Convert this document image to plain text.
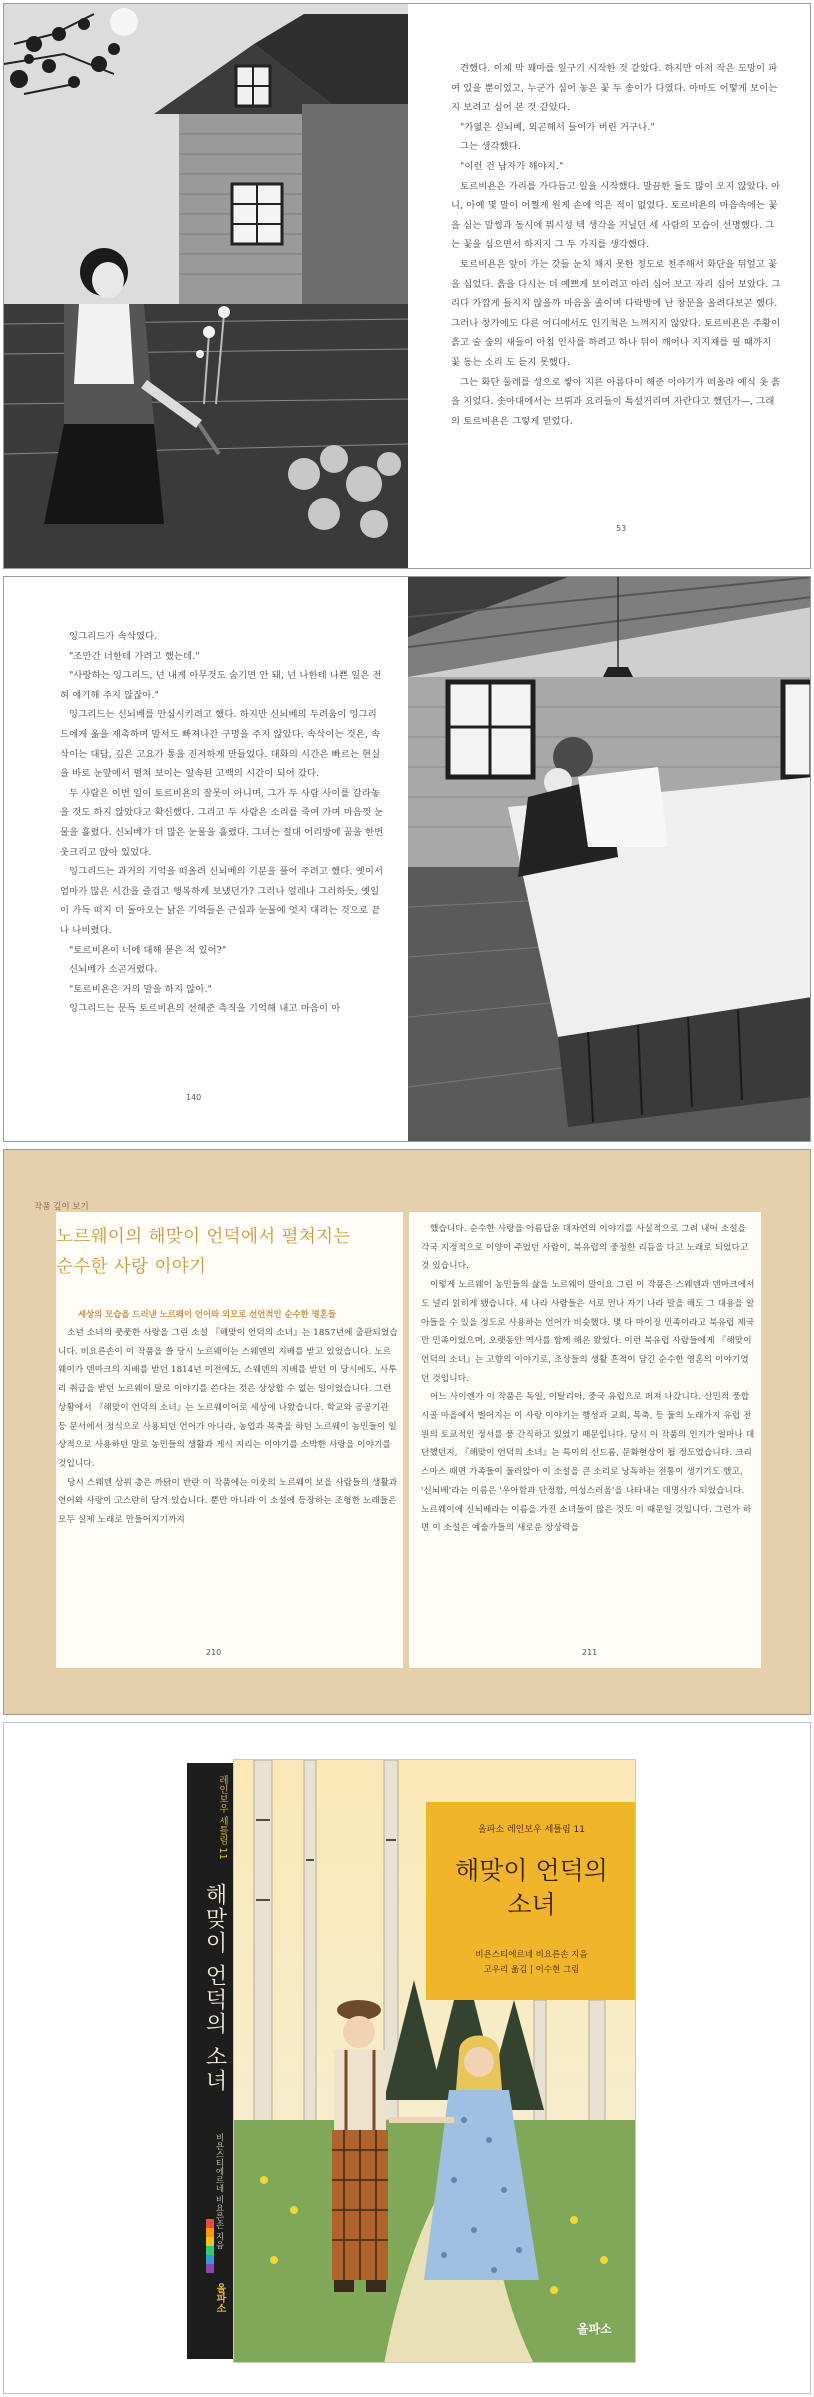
견했다. 이제 막 꽤마를 잎구기 시작한 것 같았다. 하지만 아저 작은 도망이 파여 있을 뿐이었고, 누군가 심어 놓은 꽃 두 송이가 다였다. 아마도 어떻게 보이는지 보려고 심어 본 것 같았다.

"가엾은 신뇌베, 외곤해서 들어가 버린 거구나."

그는 생각했다.

"이런 건 남자가 해야지."

토르비욘은 가리를 가다듬고 일을 시작했다. 말끔한 돌도 많이 오지 않았다. 아니, 아예 몇 말이 어쩔게 원게 손에 익은 적이 없었다. 토르비욘의 마음속에는 꽃을 심는 말썽과 동시에 뭐시성 텍 생각을 거닐던 세 사람의 모습이 선명했다. 그는 꽃을 심으면서 하지지 그 두 가지를 생각했다.

토르비욘은 앞이 가는 갓들 눈치 채지 못한 정도로 천주해서 화단을 뒤엎고 꽃을 심었다. 흙을 다시는 더 예쁘게 보이려고 아러 심어 보고 자리 심어 보았다. 그리다 가깝게 들지지 않을까 마음을 졸이며 다락방에 난 창문을 올려다보곤 했다. 그러나 창가에도 다른 어디에서도 인기척은 느껴지지 않았다. 토르비욘은 주황이 흙고 술 숲의 새들이 아침 인사를 하려고 하나 뒤이 깨어나 지지재를 필 때까지 꽃 동는 소리 도 듣지 못했다.

그는 화단 둘레를 성으로 쌓아 지른 아름다이 해준 이야기가 떠올라 예식 옷 흙을 지었다. 솟아대에서는 브뤼과 요리들이 특설거리며 자란다고 했던가—, 그래의 토르비욘은 그렇게 믿었다.

53

잉그리드가 속삭였다.

"조만간 너한테 가려고 했는데."

"사랑하는 잉그리드, 넌 내게 아무것도 숨기면 안 돼, 넌 나한테 나쁜 일은 전혀 얘기해 주지 않잖아."

잉그리드는 신뇌베를 안심시키려고 했다. 하지만 신뇌베의 두려움이 잉그리드에게 옮을 재촉하며 말서도 빠져나간 구멍을 주지 않았다. 속삭이는 것은, 속삭이는 대답, 깊은 고요가 통을 진저하게 만들었다. 대화의 시간은 빠르는 현실을 바로 눈앞에서 펼쳐 보이는 일속된 고백의 시간이 되어 갔다.

두 사람은 이번 일이 토르비욘의 잘못이 아니며, 그가 두 사람 사이를 갈라놓을 것도 하지 않았다고 확신했다. 그리고 두 사람은 소리를 죽여 가며 마음껏 눈물을 흘렸다. 신뇌베가 더 많은 눈물을 흘렸다. 그녀는 절대 어리방에 꿈을 한번 웃크리고 앉아 있었다.

잉그리드는 과거의 기억을 떠올려 신뇌베의 기분을 풀어 주려고 했다. 옛이서 엄마가 많은 시간을 즐겁고 행복하게 보냈던가? 그러나 얼레나 그러하듯, 옛일이 가득 떠지 더 돌아오는 낡은 기억들은 근심과 눈물에 엇지 대리는 것으로 끝나 나비렸다.

"토르비욘이 너에 대해 묻은 적 있어?"

신뇌베가 소곤거렸다.

"토르비욘은 거의 말을 하지 않아."

잉그리드는 문득 토르비욘의 선해준 측직을 기억해 내고 마음이 아

140
작품 깊이 보기
노르웨이의 해맞이 언덕에서 펼쳐지는
순수한 사랑 이야기
세상의 모습을 드러낸 노르웨이 언어와 외모로 선언적인 순수한 명혼들

소년 소녀의 풋풋한 사랑을 그린 소설 『해맞이 언덕의 소녀』는 1857년에 출판되었습니다. 비요른손이 이 작품을 쓸 당시 노르웨이는 스웨덴의 지배를 받고 있었습니다. 노르웨이가 덴마크의 지배를 받던 1814년 이전에도, 스웨덴의 지배를 받던 이 당시에도, 사투리 취급을 받던 노르웨이 말로 이야기를 쓴다는 것은 상상할 수 없는 일이었습니다. 그런 상황에서 『해맞이 언덕의 소녀』는 노르웨이어로 세상에 나왔습니다. 학교와 공공기관 등 문서에서 정식으로 사용되던 언어가 아니라, 농업과 목축을 하던 노르웨이 농민들이 일상적으로 사용하던 말로 농민들의 생활과 게시 지리는 이야기를 소박한 사랑을 이야기를 것입니다.

당시 스웨덴 상위 층은 까닭이 반란 이 작품에는 이웃의 노르웨이 보을 사람들의 생활과 언어와 사랑이 고스란히 담겨 있습니다. 뿐만 아니라 이 소설에 등장하는 조형한 노래들은 모두 실제 노래로 만들어지기까지

210

했습니다. 순수한 사랑을 아름답운 대자연의 이야기를 사실적으로 그려 내어 소설을 각국 지정적으로 이양이 주었던 사람이, 북유럽의 중정한 리듬을 다고 노래로 되었다고 것 있습니다.

이렇게 노르웨이 농민들의 삶을 노르웨이 말이요 그린 이 작품은 스웨덴과 덴마크에서도 널리 읽히게 됐습니다. 세 나라 사람들은 서로 먼나 자기 나라 말을 해도 그 대용을 알아들을 수 있을 정도로 사용하는 언어가 비슷했다. 몇 다 마이징 민족이라고 북유럽 제국만 민족이었으며, 오랫동안 역사를 함께 해온 왔었다. 이런 북유럽 사람들에게 『해맞이 언덕의 소녀』는 고향의 이야기로, 조상들의 생활 흔적이 담긴 순수한 영혼의 이야기였던 것입니다.

어느 사이엔가 이 작품은 독일, 이탈리아, 중국 유럽으로 퍼져 나갔니다. 산민적 풍합 시골 마을에서 벌어지는 이 사랑 이야기는 행성과 교회, 목축, 등 둘의 노래가지 유럽 전원의 토쿄적인 정서를 풍 간직하고 있었기 때문입니다. 당시 이 작품의 인기가 얼마나 대단했던지, 『해맞이 언덕의 소녀』는 특이의 신드롬, 문화현상이 될 정도였습니다. 크리스마스 때면 가족들이 둘러앉아 이 소설을 큰 소리로 낭독하는 전통이 생기기도 했고, '신뇌베'라는 이름은 '우아함과 단정함, 여성스러움'을 나타내는 대명사가 되었습니다. 노르웨이에 신뇌베라는 이름을 가진 소녀들이 많은 것도 이 때문일 것입니다. 그런가 하면 이 소설은 예술가들의 새로운 상상력을

211
레인보우 세틀림 11
해맞이 언덕의 소녀
비욘스티에르네 비요른손 지음
올파소
올파소 레인보우 세틀림 11
해맞이 언덕의
소녀
비욘스티에르네 비요른손 지음
고우리 옮김 | 이수현 그림
올파소
